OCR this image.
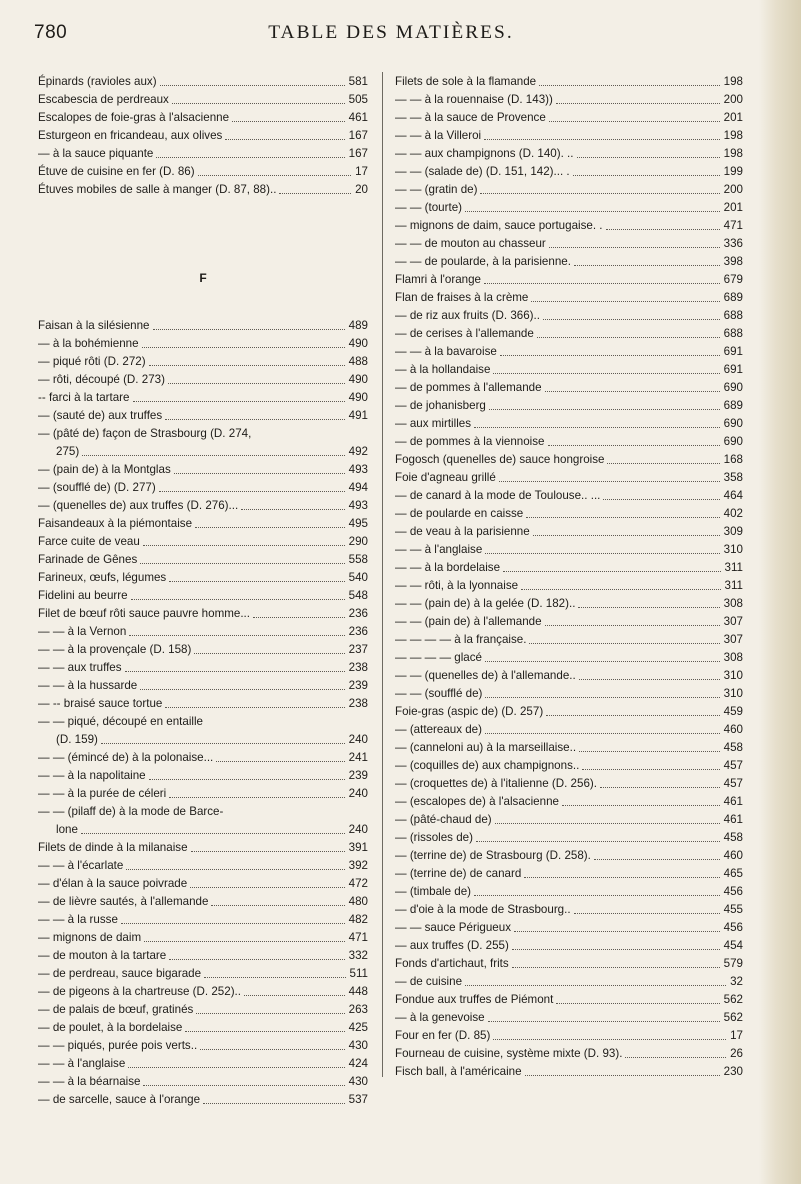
780	TABLE DES MATIÈRES.
Épinards (ravioles aux)	581
Escabescia de perdreaux	505
Escalopes de foie-gras à l'alsacienne	461
Esturgeon en fricandeau, aux olives	167
— à la sauce piquante	167
Étuve de cuisine en fer (D. 86)	17
Étuves mobiles de salle à manger (D. 87, 88)..	20
F
Faisan à la silésienne	489
— à la bohémienne	490
— piqué rôti (D. 272)	488
— rôti, découpé (D. 273)	490
-- farci à la tartare	490
— (sauté de) aux truffes	491
— (pâté de) façon de Strasbourg (D. 274,
275)	492
— (pain de) à la Montglas	493
— (soufflé de) (D. 277)	494
— (quenelles de) aux truffes (D. 276)...	493
Faisandeaux à la piémontaise	495
Farce cuite de veau	290
Farinade de Gênes	558
Farineux, œufs, légumes	540
Fidelini au beurre	548
Filet de bœuf rôti sauce pauvre homme...	236
— — à la Vernon	236
— — à la provençale (D. 158)	237
— — aux truffes	238
— — à la hussarde	239
— -- braisé sauce tortue	238
— — piqué, découpé en entaille
(D. 159)	240
— — (émincé de) à la polonaise...	241
— — à la napolitaine	239
— — à la purée de céleri	240
— — (pilaff de) à la mode de Barce-
lone	240
Filets de dinde à la milanaise	391
— — à l'écarlate	392
— d'élan à la sauce poivrade	472
— de lièvre sautés, à l'allemande	480
— — à la russe	482
— mignons de daim	471
— de mouton à la tartare	332
— de perdreau, sauce bigarade	511
— de pigeons à la chartreuse (D. 252)..	448
— de palais de bœuf, gratinés	263
— de poulet, à la bordelaise	425
— — piqués, purée pois verts..	430
— — à l'anglaise	424
— — à la béarnaise	430
— de sarcelle, sauce à l'orange	537
Filets de sole à la flamande	198
— — à la rouennaise (D. 143))	200
— — à la sauce de Provence	201
— — à la Villeroi	198
— — aux champignons (D. 140). ..	198
— — (salade de) (D. 151, 142)... .	199
— — (gratin de)	200
— — (tourte)	201
— mignons de daim, sauce portugaise. .	471
— — de mouton au chasseur	336
— — de poularde, à la parisienne.	398
Flamri à l'orange	679
Flan de fraises à la crème	689
— de riz aux fruits (D. 366)..	688
— de cerises à l'allemande	688
— — à la bavaroise	691
— à la hollandaise	691
— de pommes à l'allemande	690
— de johanisberg	689
— aux mirtilles	690
— de pommes à la viennoise	690
Fogosch (quenelles de) sauce hongroise	168
Foie d'agneau grillé	358
— de canard à la mode de Toulouse.. ...	464
— de poularde en caisse	402
— de veau à la parisienne	309
— — à l'anglaise	310
— — à la bordelaise	311
— — rôti, à la lyonnaise	311
— — (pain de) à la gelée (D. 182)..	308
— — (pain de) à l'allemande	307
— — — — à la française.	307
— — — — glacé	308
— — (quenelles de) à l'allemande..	310
— — (soufflé de)	310
Foie-gras (aspic de) (D. 257)	459
— (attereaux de)	460
— (canneloni au) à la marseillaise..	458
— (coquilles de) aux champignons..	457
— (croquettes de) à l'italienne (D. 256).	457
— (escalopes de) à l'alsacienne	461
— (pâté-chaud de)	461
— (rissoles de)	458
— (terrine de) de Strasbourg (D. 258).	460
— (terrine de) de canard	465
— (timbale de)	456
— d'oie à la mode de Strasbourg..	455
— — sauce Périgueux	456
— aux truffes (D. 255)	454
Fonds d'artichaut, frits	579
— de cuisine	32
Fondue aux truffes de Piémont	562
— à la genevoise	562
Four en fer (D. 85)	17
Fourneau de cuisine, système mixte (D. 93).	26
Fisch ball, à l'américaine	230
